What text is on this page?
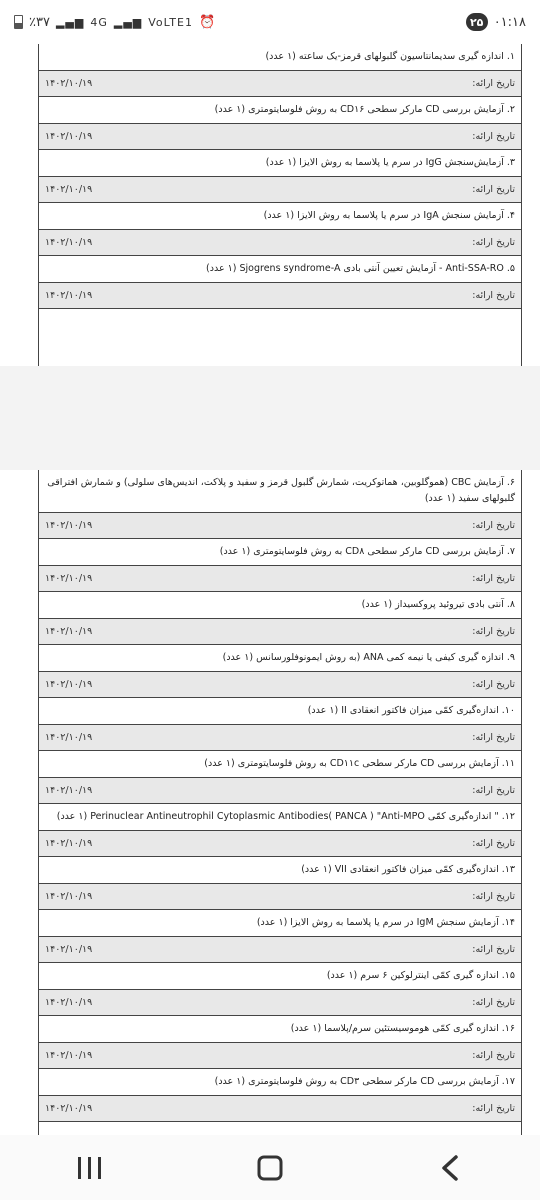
٪۳۷ ▂▄▆ 4G ▂▄▆ VoLTE1 ⏰	۲۵ ۰۱:۱۸
۱. اندازه گیری سدیمانتاسیون گلبولهای قرمز-یک ساعته (۱ عدد)
تاریخ ارائه:
۱۴۰۲/۱۰/۱۹
۲. آزمایش بررسی CD مارکر سطحی CD۱۶ به روش فلوسایتومتری (۱ عدد)
تاریخ ارائه:
۱۴۰۲/۱۰/۱۹
۳. آزمایش‌سنجش IgG در سرم یا پلاسما به روش الایزا (۱ عدد)
تاریخ ارائه:
۱۴۰۲/۱۰/۱۹
۴. آزمایش سنجش IgA در سرم یا پلاسما به روش الایزا (۱ عدد)
تاریخ ارائه:
۱۴۰۲/۱۰/۱۹
۵. Anti-SSA-RO - آزمایش تعیین آنتی بادی Sjogrens syndrome-A (۱ عدد)
تاریخ ارائه:
۱۴۰۲/۱۰/۱۹
۶. آزمایش CBC (هموگلوبین، هماتوکریت، شمارش گلبول قرمز و سفید و پلاکت، اندیس‌های سلولی) و شمارش افتراقی گلبولهای سفید (۱ عدد)
تاریخ ارائه:
۱۴۰۲/۱۰/۱۹
۷. آزمایش بررسی CD مارکر سطحی CD۸ به روش فلوسایتومتری (۱ عدد)
تاریخ ارائه:
۱۴۰۲/۱۰/۱۹
۸. آنتی بادی تیروئید پروکسیداز (۱ عدد)
تاریخ ارائه:
۱۴۰۲/۱۰/۱۹
۹. اندازه گیری کیفی یا نیمه کمی ANA (به روش ایمونوفلورسانس (۱ عدد)
تاریخ ارائه:
۱۴۰۲/۱۰/۱۹
۱۰. اندازه‌گیری کمّی میزان فاکتور انعقادی II (۱ عدد)
تاریخ ارائه:
۱۴۰۲/۱۰/۱۹
۱۱. آزمایش بررسی CD مارکر سطحی CD۱۱c به روش فلوسایتومتری (۱ عدد)
تاریخ ارائه:
۱۴۰۲/۱۰/۱۹
۱۲. " اندازه‌گیری کمّی Perinuclear Antineutrophil Cytoplasmic Antibodies( PANCA ) "Anti-MPO (۱ عدد)
تاریخ ارائه:
۱۴۰۲/۱۰/۱۹
۱۳. اندازه‌گیری کمّی میزان فاکتور انعقادی VII (۱ عدد)
تاریخ ارائه:
۱۴۰۲/۱۰/۱۹
۱۴. آزمایش سنجش IgM در سرم یا پلاسما به روش الایزا (۱ عدد)
تاریخ ارائه:
۱۴۰۲/۱۰/۱۹
۱۵. اندازه گیری کمّی اینترلوکین ۶ سرم (۱ عدد)
تاریخ ارائه:
۱۴۰۲/۱۰/۱۹
۱۶. اندازه گیری کمّی هوموسیستئین سرم/پلاسما (۱ عدد)
تاریخ ارائه:
۱۴۰۲/۱۰/۱۹
۱۷. آزمایش بررسی CD مارکر سطحی CD۳ به روش فلوسایتومتری (۱ عدد)
تاریخ ارائه:
۱۴۰۲/۱۰/۱۹
